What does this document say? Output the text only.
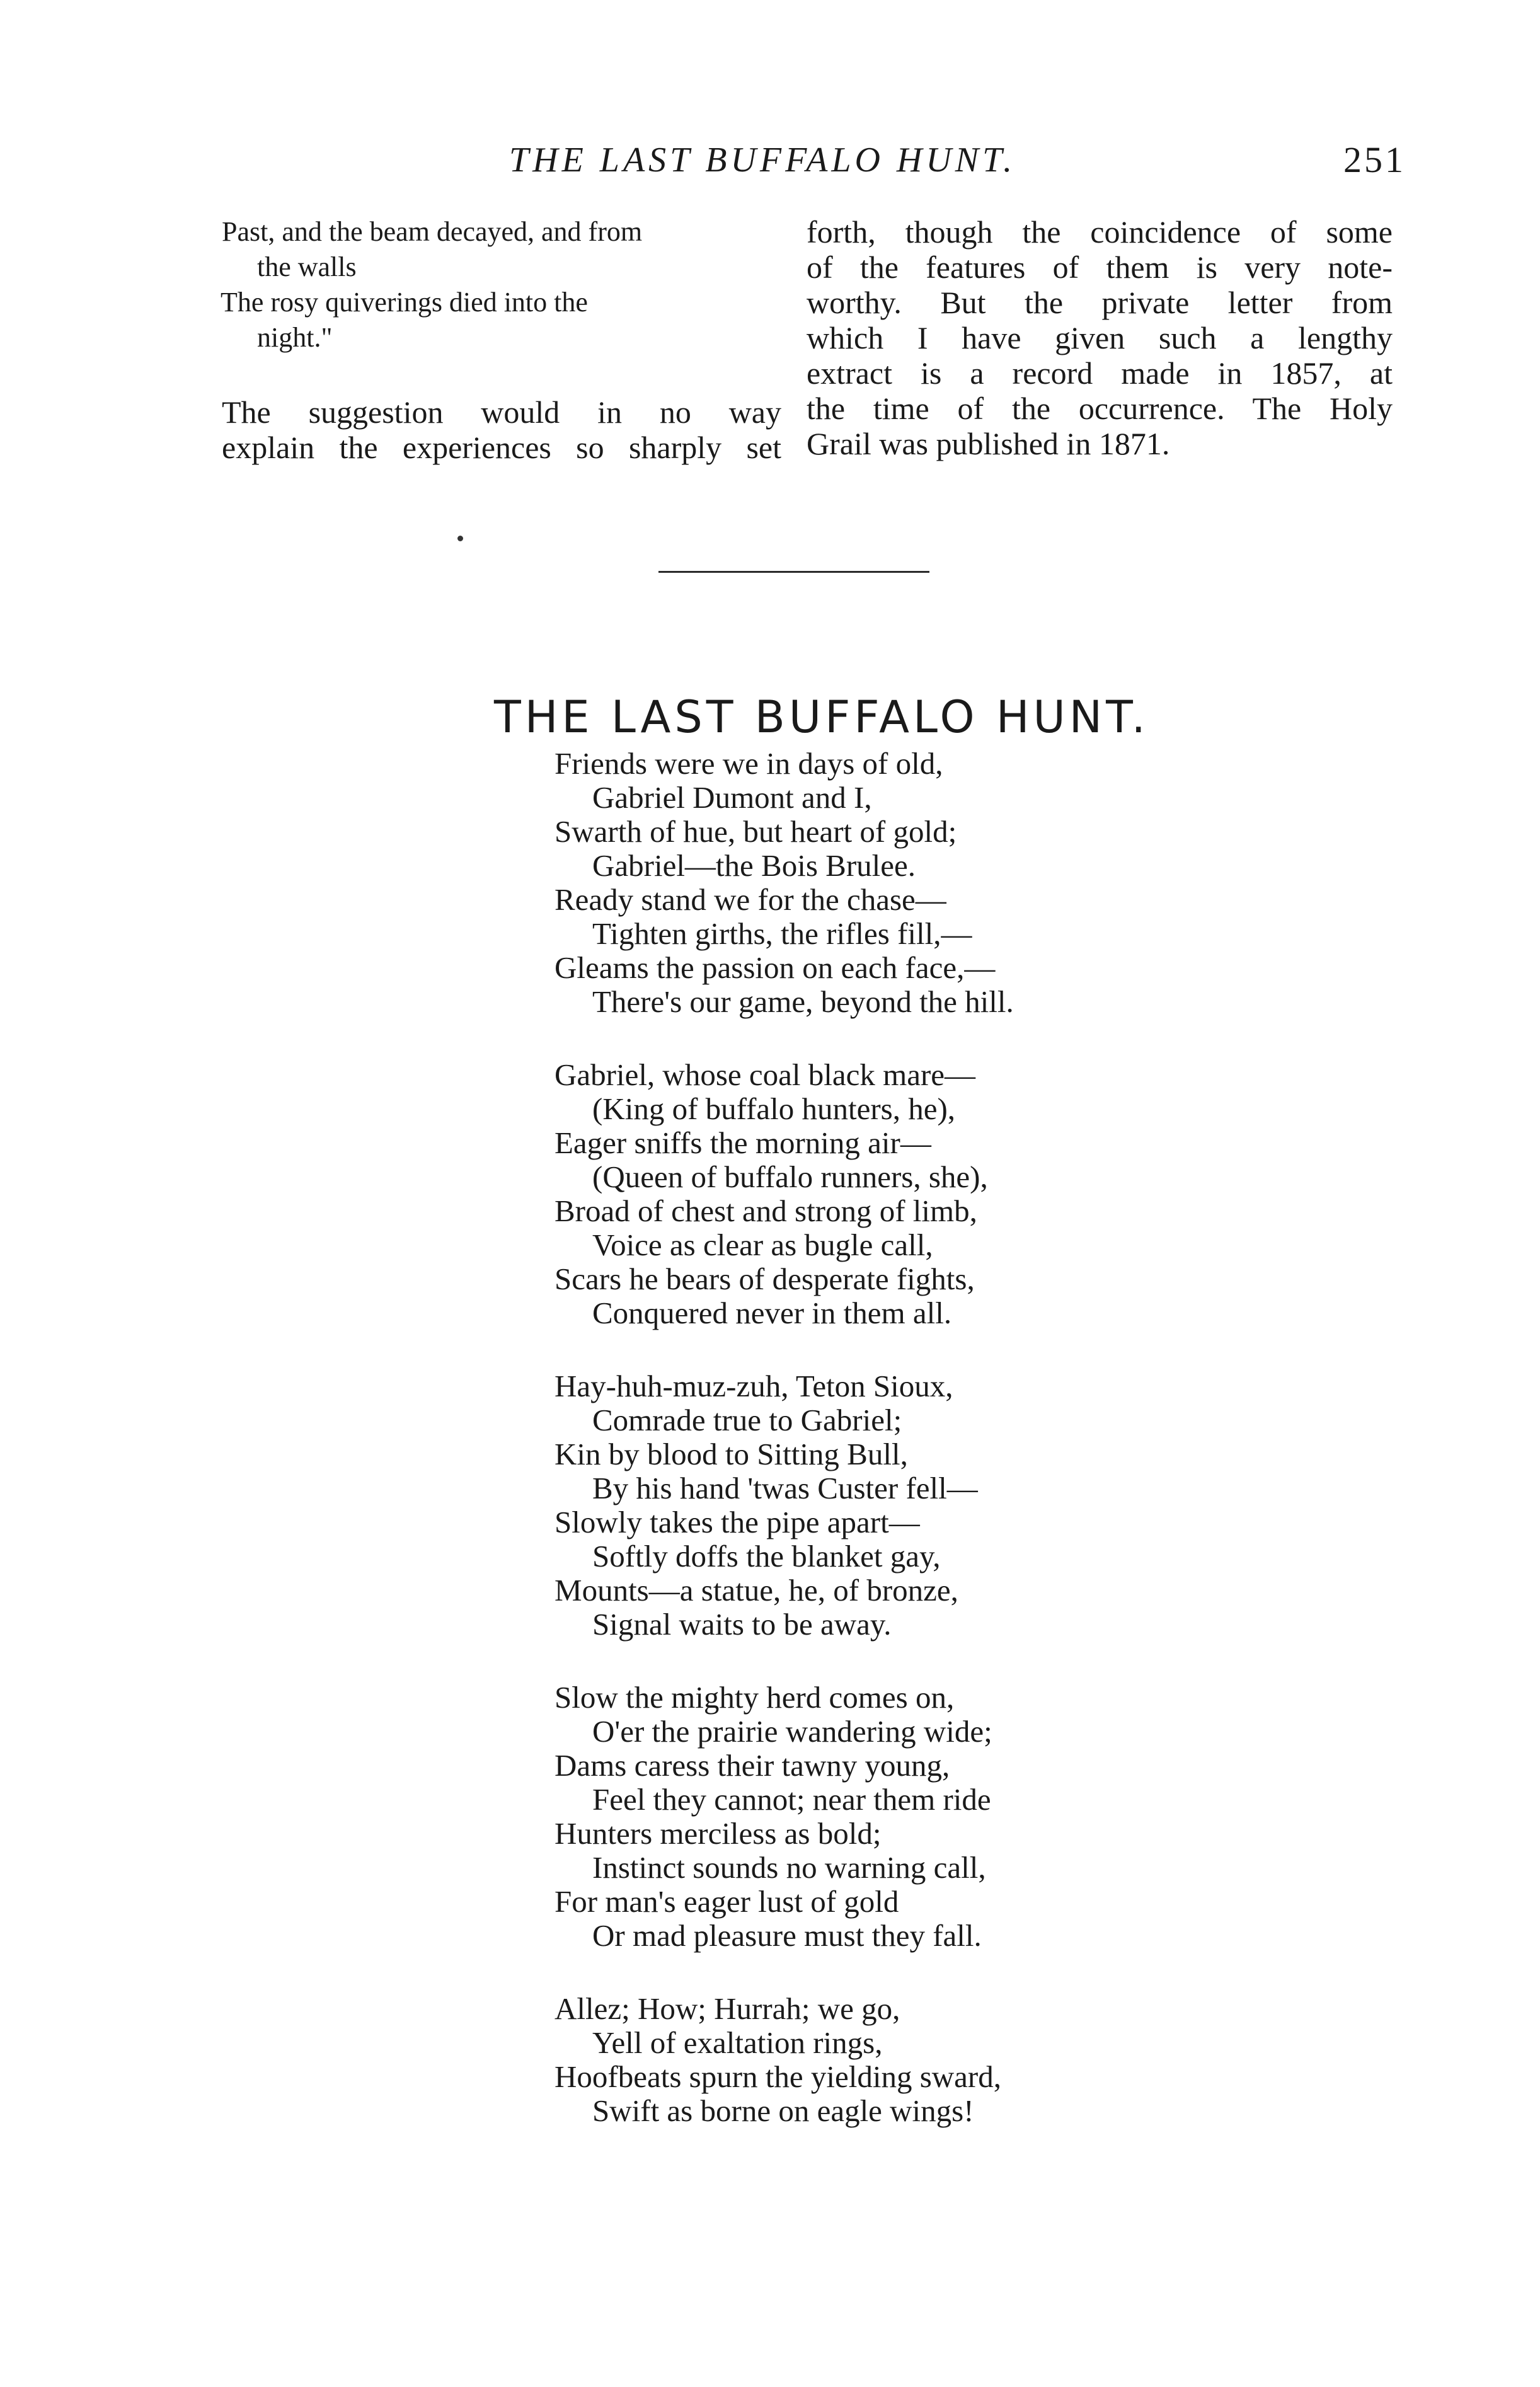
THE LAST BUFFALO HUNT.	251

Past, and the beam decayed, and from

the walls

The rosy quiverings died into the

night."

The suggestion would in no way
explain the experiences so sharply set
forth, though the coincidence of some
of the features of them is very note-
worthy. But the private letter from
which I have given such a lengthy
extract is a record made in 1857, at
the time of the occurrence. The Holy
Grail was published in 1871.
THE LAST BUFFALO HUNT.

Friends were we in days of old,

Gabriel Dumont and I,

Swarth of hue, but heart of gold;

Gabriel—the Bois Brulee.

Ready stand we for the chase—

Tighten girths, the rifles fill,—

Gleams the passion on each face,—

There's our game, beyond the hill.

Gabriel, whose coal black mare—

(King of buffalo hunters, he),

Eager sniffs the morning air—

(Queen of buffalo runners, she),

Broad of chest and strong of limb,

Voice as clear as bugle call,

Scars he bears of desperate fights,

Conquered never in them all.

Hay-huh-muz-zuh, Teton Sioux,

Comrade true to Gabriel;

Kin by blood to Sitting Bull,

By his hand 'twas Custer fell—

Slowly takes the pipe apart—

Softly doffs the blanket gay,

Mounts—a statue, he, of bronze,

Signal waits to be away.

Slow the mighty herd comes on,

O'er the prairie wandering wide;

Dams caress their tawny young,

Feel they cannot; near them ride

Hunters merciless as bold;

Instinct sounds no warning call,

For man's eager lust of gold

Or mad pleasure must they fall.

Allez; How; Hurrah; we go,

Yell of exaltation rings,

Hoofbeats spurn the yielding sward,

Swift as borne on eagle wings!
